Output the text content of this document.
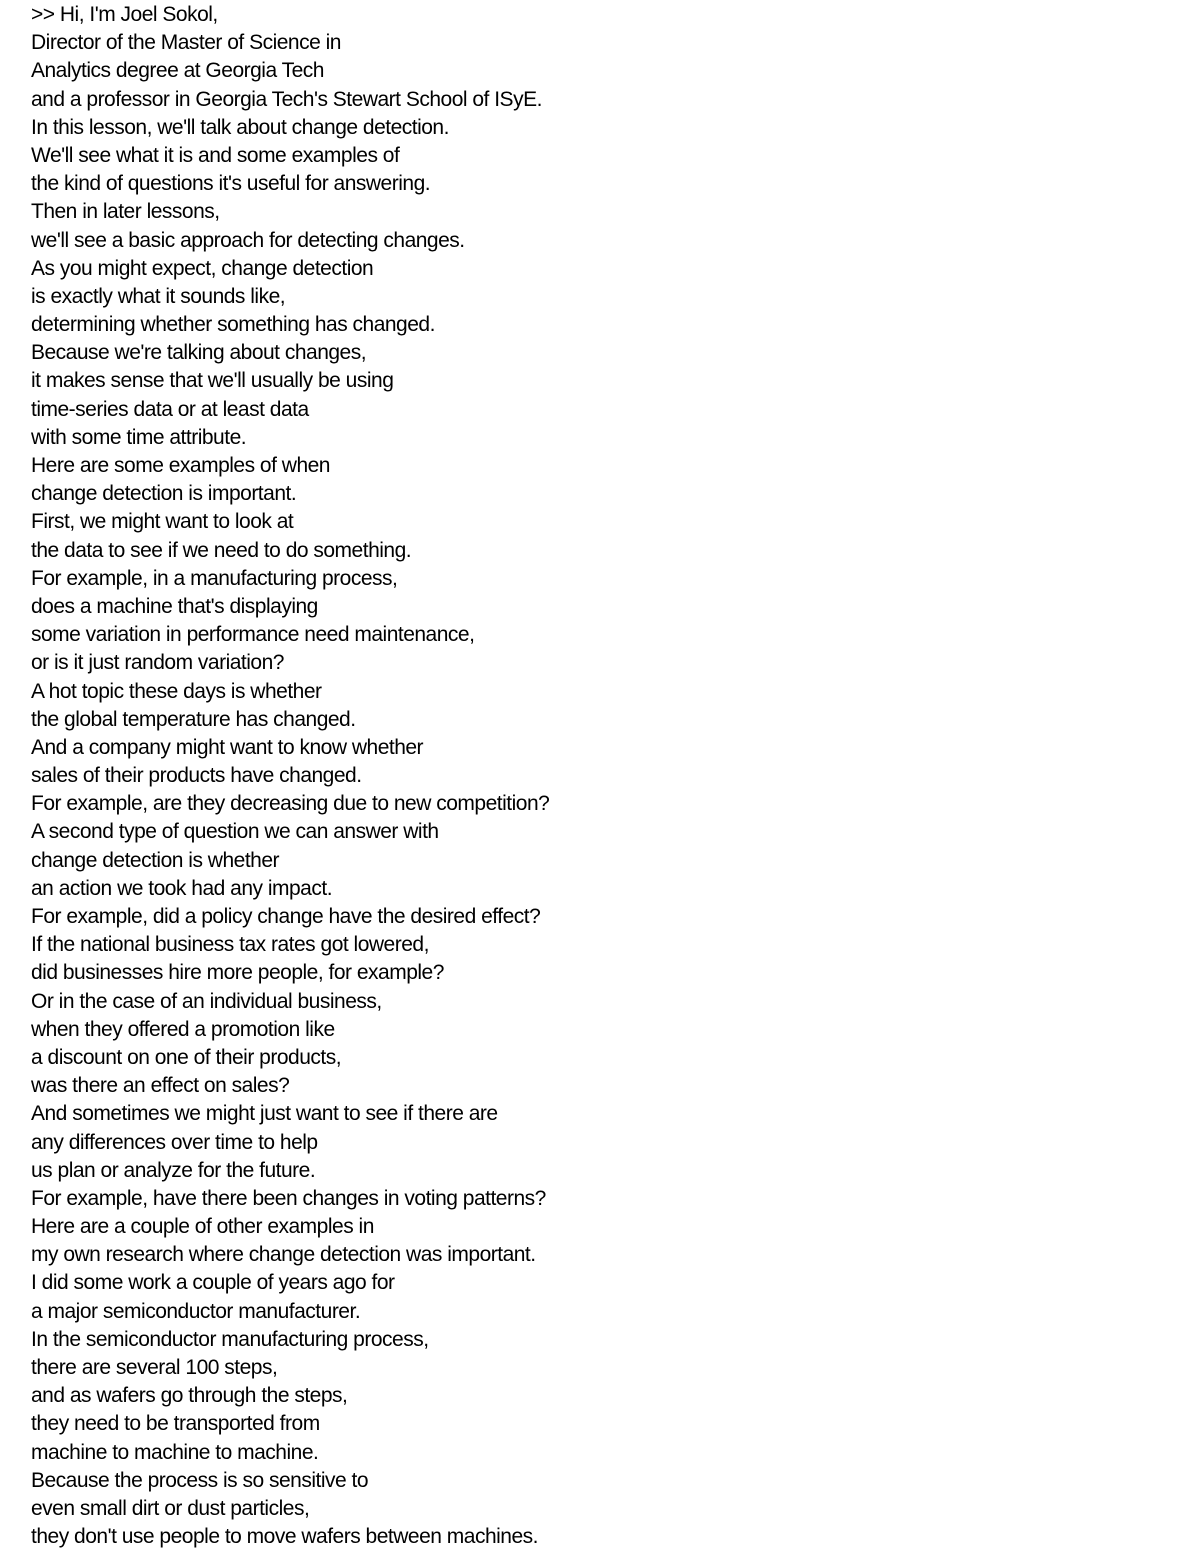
>> Hi, I'm Joel Sokol,
Director of the Master of Science in
Analytics degree at Georgia Tech
and a professor in Georgia Tech's Stewart School of ISyE.
In this lesson, we'll talk about change detection.
We'll see what it is and some examples of
the kind of questions it's useful for answering.
Then in later lessons,
we'll see a basic approach for detecting changes.
As you might expect, change detection
is exactly what it sounds like,
determining whether something has changed.
Because we're talking about changes,
it makes sense that we'll usually be using
time-series data or at least data
with some time attribute.
Here are some examples of when
change detection is important.
First, we might want to look at
the data to see if we need to do something.
For example, in a manufacturing process,
does a machine that's displaying
some variation in performance need maintenance,
or is it just random variation?
A hot topic these days is whether
the global temperature has changed.
And a company might want to know whether
sales of their products have changed.
For example, are they decreasing due to new competition?
A second type of question we can answer with
change detection is whether
an action we took had any impact.
For example, did a policy change have the desired effect?
If the national business tax rates got lowered,
did businesses hire more people, for example?
Or in the case of an individual business,
when they offered a promotion like
a discount on one of their products,
was there an effect on sales?
And sometimes we might just want to see if there are
any differences over time to help
us plan or analyze for the future.
For example, have there been changes in voting patterns?
Here are a couple of other examples in
my own research where change detection was important.
I did some work a couple of years ago for
a major semiconductor manufacturer.
In the semiconductor manufacturing process,
there are several 100 steps,
and as wafers go through the steps,
they need to be transported from
machine to machine to machine.
Because the process is so sensitive to
even small dirt or dust particles,
they don't use people to move wafers between machines.
